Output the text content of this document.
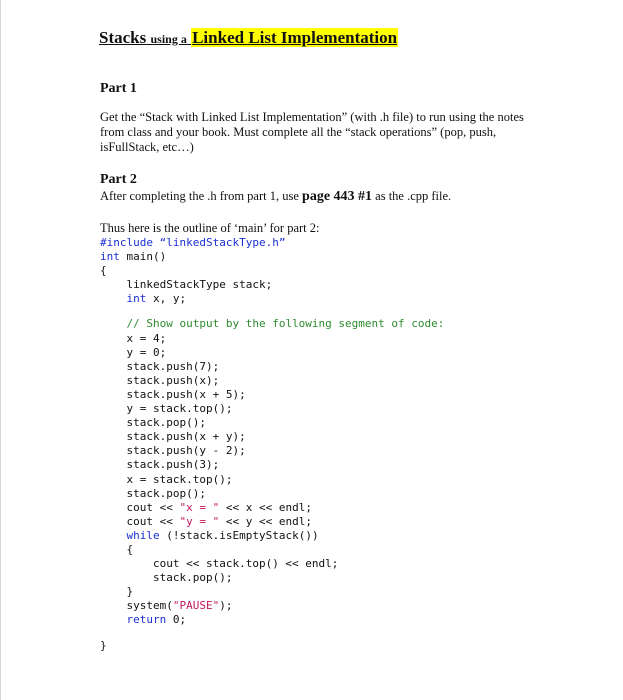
Stacks using a Linked List Implementation
Part 1
Get the “Stack with Linked List Implementation” (with .h file) to run using the notes
from class and your book. Must complete all the “stack operations” (pop, push,
isFullStack, etc…)
Part 2
After completing the .h from part 1, use page 443 #1 as the .cpp file.
Thus here is the outline of ‘main’ for part 2:
#include “linkedStackType.h”
int main()
{
linkedStackType stack;
int x, y;
// Show output by the following segment of code:
x = 4;
y = 0;
stack.push(7);
stack.push(x);
stack.push(x + 5);
y = stack.top();
stack.pop();
stack.push(x + y);
stack.push(y - 2);
stack.push(3);
x = stack.top();
stack.pop();
cout << "x = " << x << endl;
cout << "y = " << y << endl;
while (!stack.isEmptyStack())
{
cout << stack.top() << endl;
stack.pop();
}
system("PAUSE");
return 0;
}
